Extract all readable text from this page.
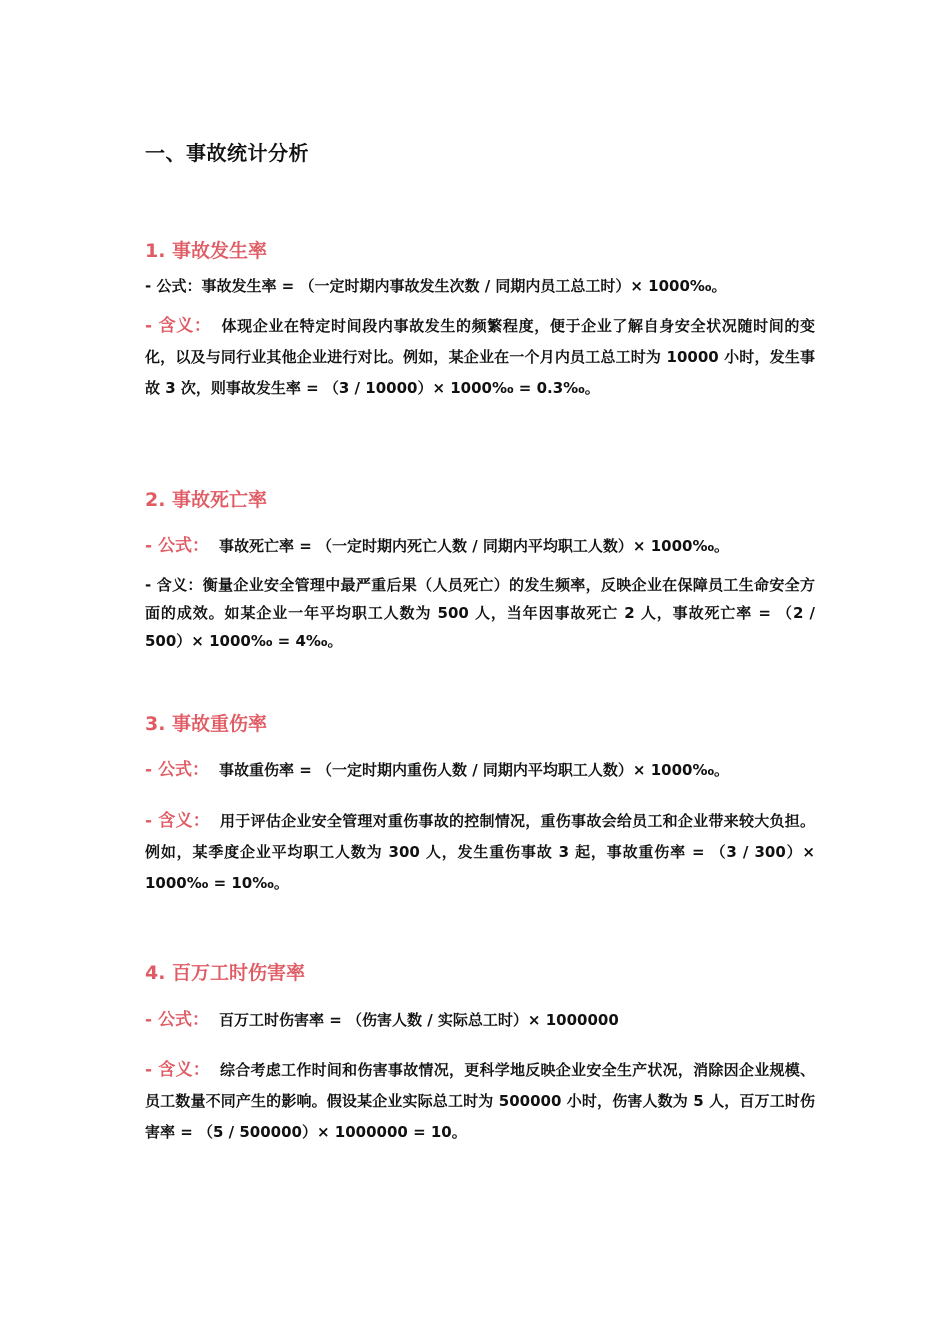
一、事故统计分析
1. 事故发生率

- 公式：事故发生率 = （一定时期内事故发生次数 / 同期内员工总工时）× 1000‰。

- 含义： 体现企业在特定时间段内事故发生的频繁程度，便于企业了解自身安全状况随时间的变化，以及与同行业其他企业进行对比。例如，某企业在一个月内员工总工时为 10000 小时，发生事故 3 次，则事故发生率 = （3 / 10000）× 1000‰ = 0.3‰。

2. 事故死亡率

- 公式： 事故死亡率 = （一定时期内死亡人数 / 同期内平均职工人数）× 1000‰。

- 含义：衡量企业安全管理中最严重后果（人员死亡）的发生频率，反映企业在保障员工生命安全方面的成效。如某企业一年平均职工人数为 500 人，当年因事故死亡 2 人，事故死亡率 = （2 / 500）× 1000‰ = 4‰。

3. 事故重伤率

- 公式： 事故重伤率 = （一定时期内重伤人数 / 同期内平均职工人数）× 1000‰。

- 含义： 用于评估企业安全管理对重伤事故的控制情况，重伤事故会给员工和企业带来较大负担。例如，某季度企业平均职工人数为 300 人，发生重伤事故 3 起，事故重伤率 = （3 / 300）× 1000‰ = 10‰。

4. 百万工时伤害率

- 公式： 百万工时伤害率 = （伤害人数 / 实际总工时）× 1000000

- 含义： 综合考虑工作时间和伤害事故情况，更科学地反映企业安全生产状况，消除因企业规模、员工数量不同产生的影响。假设某企业实际总工时为 500000 小时，伤害人数为 5 人，百万工时伤害率 = （5 / 500000）× 1000000 = 10。
